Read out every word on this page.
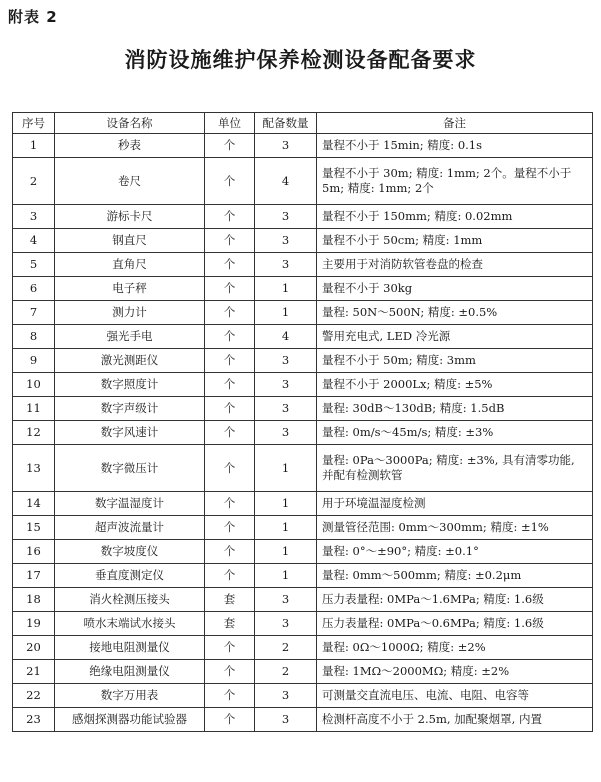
附表 2
消防设施维护保养检测设备配备要求
序号	设备名称	单位	配备数量	备注
1	秒表	个	3	量程不小于 15min; 精度: 0.1s
2	卷尺	个	4	量程不小于 30m; 精度: 1mm; 2个。量程不小于 5m; 精度: 1mm; 2个
3	游标卡尺	个	3	量程不小于 150mm; 精度: 0.02mm
4	钢直尺	个	3	量程不小于 50cm; 精度: 1mm
5	直角尺	个	3	主要用于对消防软管卷盘的检查
6	电子秤	个	1	量程不小于 30kg
7	测力计	个	1	量程: 50N～500N; 精度: ±0.5%
8	强光手电	个	4	警用充电式, LED 冷光源
9	激光测距仪	个	3	量程不小于 50m; 精度: 3mm
10	数字照度计	个	3	量程不小于 2000Lx; 精度: ±5%
11	数字声级计	个	3	量程: 30dB～130dB; 精度: 1.5dB
12	数字风速计	个	3	量程: 0m/s～45m/s; 精度: ±3%
13	数字微压计	个	1	量程: 0Pa～3000Pa; 精度: ±3%, 具有清零功能, 并配有检测软管
14	数字温湿度计	个	1	用于环境温湿度检测
15	超声波流量计	个	1	测量管径范围: 0mm～300mm; 精度: ±1%
16	数字坡度仪	个	1	量程: 0°～±90°; 精度: ±0.1°
17	垂直度测定仪	个	1	量程: 0mm～500mm; 精度: ±0.2μm
18	消火栓测压接头	套	3	压力表量程: 0MPa～1.6MPa; 精度: 1.6级
19	喷水末端试水接头	套	3	压力表量程: 0MPa～0.6MPa; 精度: 1.6级
20	接地电阻测量仪	个	2	量程: 0Ω～1000Ω; 精度: ±2%
21	绝缘电阻测量仪	个	2	量程: 1MΩ～2000MΩ; 精度: ±2%
22	数字万用表	个	3	可测量交直流电压、电流、电阻、电容等
23	感烟探测器功能试验器	个	3	检测杆高度不小于 2.5m, 加配聚烟罩, 内置
